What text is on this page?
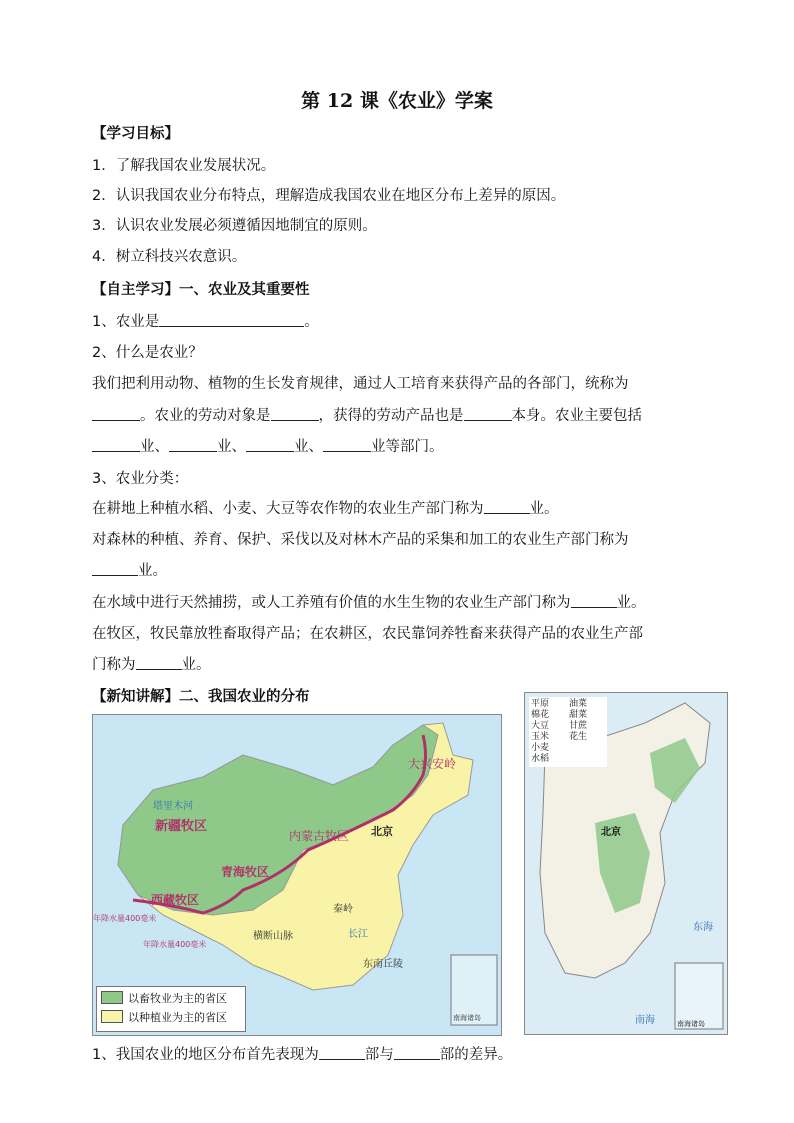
第 12 课《农业》学案
【学习目标】
1．了解我国农业发展状况。
2．认识我国农业分布特点，理解造成我国农业在地区分布上差异的原因。
3．认识农业发展必须遵循因地制宜的原则。
4．树立科技兴农意识。
【自主学习】一、农业及其重要性
1、农业是	。
2、什么是农业？
我们把利用动物、植物的生长发育规律，通过人工培育来获得产品的各部门，统称为
。农业的劳动对象是	，获得的劳动产品也是	本身。农业主要包括
业、	业、	业、	业等部门。
3、农业分类：
在耕地上种植水稻、小麦、大豆等农作物的农业生产部门称为	业。
对森林的种植、养育、保护、采伐以及对林木产品的采集和加工的农业生产部门称为
业。
在水域中进行天然捕捞，或人工养殖有价值的水生生物的农业生产部门称为	业。
在牧区，牧民靠放牲畜取得产品；在农耕区，农民靠饲养牲畜来获得产品的农业生产部
门称为	业。
【新知讲解】二、我国农业的分布
新疆牧区
青海牧区
西藏牧区
内蒙古牧区
大兴安岭
北京
年降水量400毫米
年降水量400毫米
塔里木河
秦岭
横断山脉	长江
东南丘陵
南海诸岛
以畜牧业为主的省区
以种植业为主的省区
平原
棉花
大豆
玉米
小麦
水稻
油菜
甜菜
甘蔗
花生
北京
东海
南海	南海诸岛
1、我国农业的地区分布首先表现为	部与	部的差异。
